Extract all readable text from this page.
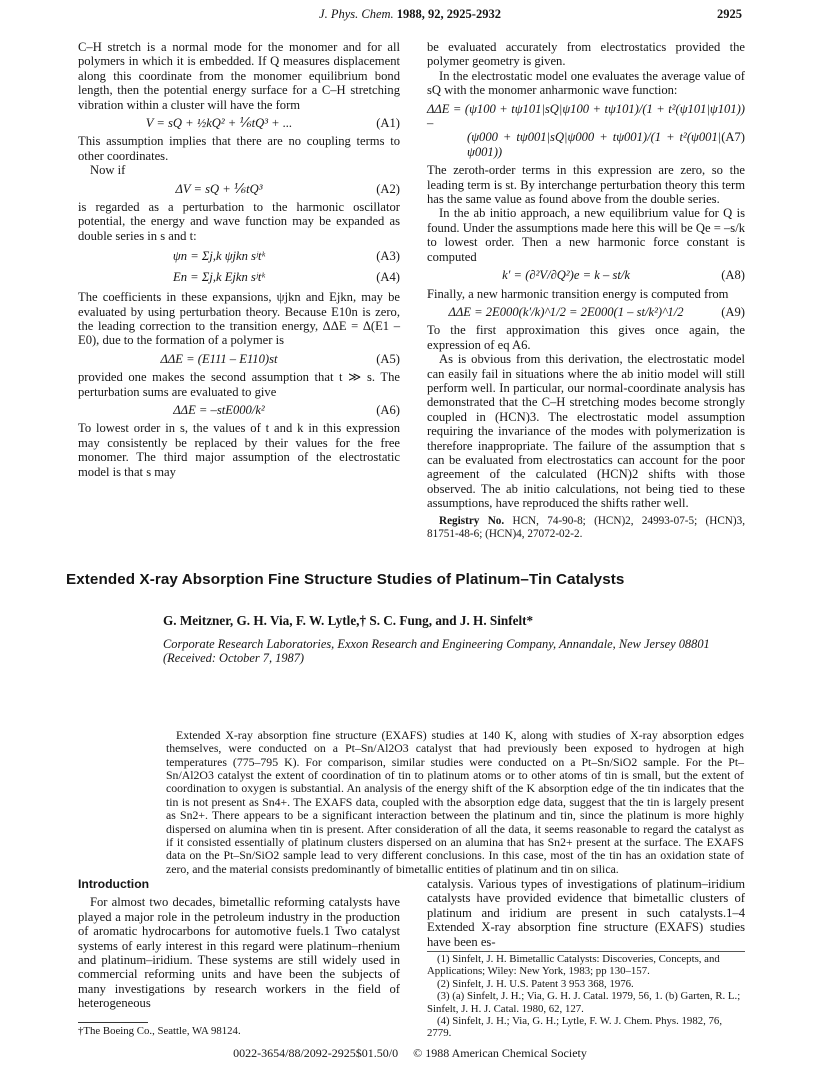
J. Phys. Chem. 1988, 92, 2925-2932	2925

C–H stretch is a normal mode for the monomer and for all polymers in which it is embedded. If Q measures displacement along this coordinate from the monomer equilibrium bond length, then the potential energy surface for a C–H stretching vibration within a cluster will have the form

V = sQ + ½kQ² + ⅙tQ³ + ...	(A1)

This assumption implies that there are no coupling terms to other coordinates.

Now if

ΔV = sQ + ⅙tQ³	(A2)

is regarded as a perturbation to the harmonic oscillator potential, the energy and wave function may be expanded as double series in s and t:

ψn = Σj,k ψjkn sʲtᵏ	(A3)
En = Σj,k Ejkn sʲtᵏ	(A4)

The coefficients in these expansions, ψjkn and Ejkn, may be evaluated by using perturbation theory. Because E10n is zero, the leading correction to the transition energy, ΔΔE = Δ(E1 – E0), due to the formation of a polymer is

ΔΔE = (E111 – E110)st	(A5)

provided one makes the second assumption that t ≫ s. The perturbation sums are evaluated to give

ΔΔE = –stE000/k²	(A6)

To lowest order in s, the values of t and k in this expression may consistently be replaced by their values for the free monomer. The third major assumption of the electrostatic model is that s may

be evaluated accurately from electrostatics provided the polymer geometry is given.

In the electrostatic model one evaluates the average value of sQ with the monomer anharmonic wave function:

ΔΔE = (ψ100 + tψ101|sQ|ψ100 + tψ101)/(1 + t²(ψ101|ψ101)) –
(ψ000 + tψ001|sQ|ψ000 + tψ001)/(1 + t²(ψ001|ψ001))
(A7)

The zeroth-order terms in this expression are zero, so the leading term is st. By interchange perturbation theory this term has the same value as found above from the double series.

In the ab initio approach, a new equilibrium value for Q is found. Under the assumptions made here this will be Qe = –s/k to lowest order. Then a new harmonic force constant is computed

k′ = (∂²V/∂Q²)e = k – st/k	(A8)

Finally, a new harmonic transition energy is computed from

ΔΔE = 2E000(k′/k)^1/2 = 2E000(1 – st/k²)^1/2	(A9)

To the first approximation this gives once again, the expression of eq A6.

As is obvious from this derivation, the electrostatic model can easily fail in situations where the ab initio model will still perform well. In particular, our normal-coordinate analysis has demonstrated that the C–H stretching modes become strongly coupled in (HCN)3. The electrostatic model assumption requiring the invariance of the modes with polymerization is therefore inappropriate. The failure of the assumption that s can be evaluated from electrostatics can account for the poor agreement of the calculated (HCN)2 shifts with those observed. The ab initio calculations, not being tied to these assumptions, have reproduced the shifts rather well.

Registry No. HCN, 74-90-8; (HCN)2, 24993-07-5; (HCN)3, 81751-48-6; (HCN)4, 27072-02-2.

Extended X-ray Absorption Fine Structure Studies of Platinum–Tin Catalysts
G. Meitzner, G. H. Via, F. W. Lytle,† S. C. Fung, and J. H. Sinfelt*
Corporate Research Laboratories, Exxon Research and Engineering Company, Annandale, New Jersey 08801
(Received: October 7, 1987)

Extended X-ray absorption fine structure (EXAFS) studies at 140 K, along with studies of X-ray absorption edges themselves, were conducted on a Pt–Sn/Al2O3 catalyst that had previously been exposed to hydrogen at high temperatures (775–795 K). For comparison, similar studies were conducted on a Pt–Sn/SiO2 sample. For the Pt–Sn/Al2O3 catalyst the extent of coordination of tin to platinum atoms or to other atoms of tin is small, but the extent of coordination to oxygen is substantial. An analysis of the energy shift of the K absorption edge of the tin indicates that the tin is not present as Sn4+. The EXAFS data, coupled with the absorption edge data, suggest that the tin is largely present as Sn2+. There appears to be a significant interaction between the platinum and tin, since the platinum is more highly dispersed on alumina when tin is present. After consideration of all the data, it seems reasonable to regard the catalyst as if it consisted essentially of platinum clusters dispersed on an alumina that has Sn2+ present at the surface. The EXAFS data on the Pt–Sn/SiO2 sample lead to very different conclusions. In this case, most of the tin has an oxidation state of zero, and the material consists predominantly of bimetallic entities of platinum and tin on silica.

Introduction

For almost two decades, bimetallic reforming catalysts have played a major role in the petroleum industry in the production of aromatic hydrocarbons for automotive fuels.1 Two catalyst systems of early interest in this regard were platinum–rhenium and platinum–iridium. These systems are still widely used in commercial reforming units and have been the subjects of many investigations by research workers in the field of heterogeneous

catalysis. Various types of investigations of platinum–iridium catalysts have provided evidence that bimetallic clusters of platinum and iridium are present in such catalysts.1–4 Extended X-ray absorption fine structure (EXAFS) studies have been es-

†The Boeing Co., Seattle, WA 98124.

(1) Sinfelt, J. H. Bimetallic Catalysts: Discoveries, Concepts, and Applications; Wiley: New York, 1983; pp 130–157.

(2) Sinfelt, J. H. U.S. Patent 3 953 368, 1976.

(3) (a) Sinfelt, J. H.; Via, G. H. J. Catal. 1979, 56, 1. (b) Garten, R. L.; Sinfelt, J. H. J. Catal. 1980, 62, 127.

(4) Sinfelt, J. H.; Via, G. H.; Lytle, F. W. J. Chem. Phys. 1982, 76, 2779.

0022-3654/88/2092-2925$01.50/0 © 1988 American Chemical Society
